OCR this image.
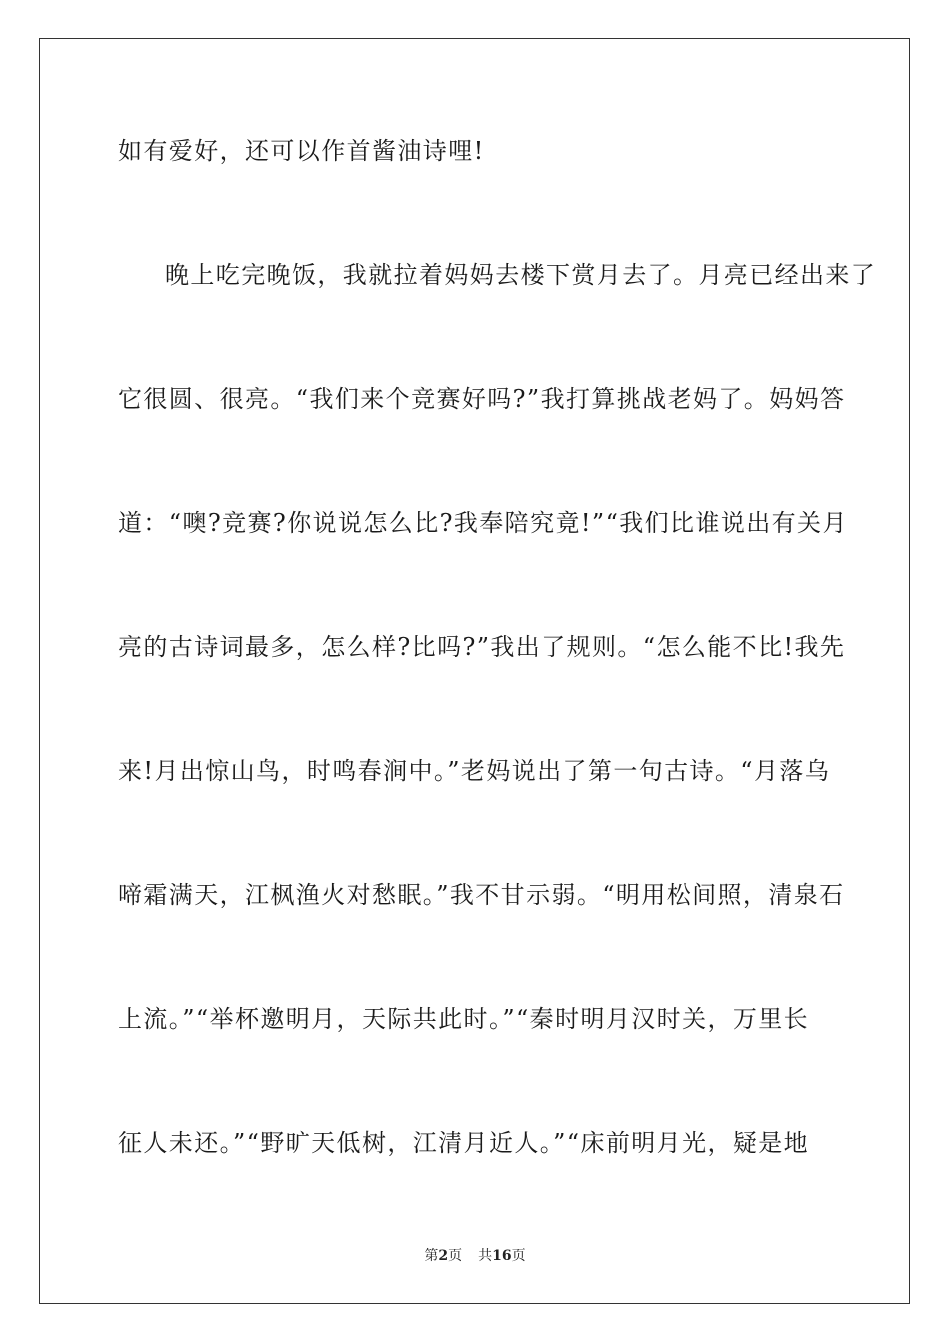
如有爱好，还可以作首酱油诗哩!
晚上吃完晚饭，我就拉着妈妈去楼下赏月去了。月亮已经出来了
它很圆、很亮。“我们来个竞赛好吗?”我打算挑战老妈了。妈妈答
道：“噢?竞赛?你说说怎么比?我奉陪究竟!”“我们比谁说出有关月
亮的古诗词最多，怎么样?比吗?”我出了规则。“怎么能不比!我先
来!月出惊山鸟，时鸣春涧中。”老妈说出了第一句古诗。“月落乌
啼霜满天，江枫渔火对愁眠。”我不甘示弱。“明用松间照，清泉石
上流。”“举杯邀明月，天际共此时。”“秦时明月汉时关，万里长
征人未还。”“野旷天低树，江清月近人。”“床前明月光，疑是地
第2页 共16页
